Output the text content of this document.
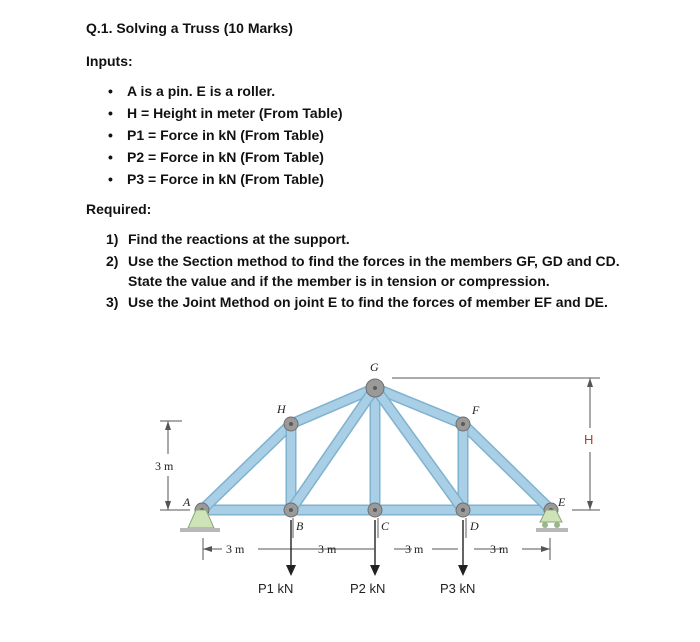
Q.1. Solving a Truss (10 Marks)
Inputs:
• A is a pin. E is a roller.
• H = Height in meter (From Table)
• P1 = Force in kN (From Table)
• P2 = Force in kN (From Table)
• P3 = Force in kN (From Table)
Required:
1) Find the reactions at the support.
2) Use the Section method to find the forces in the members GF, GD and CD.
State the value and if the member is in tension or compression.
3) Use the Joint Method on joint E to find the forces of member EF and DE.
A
B	C	D
E
F
G
H
3 m
H
3 m	3 m	3 m	3 m
P1 kN	P2 kN	P3 kN
